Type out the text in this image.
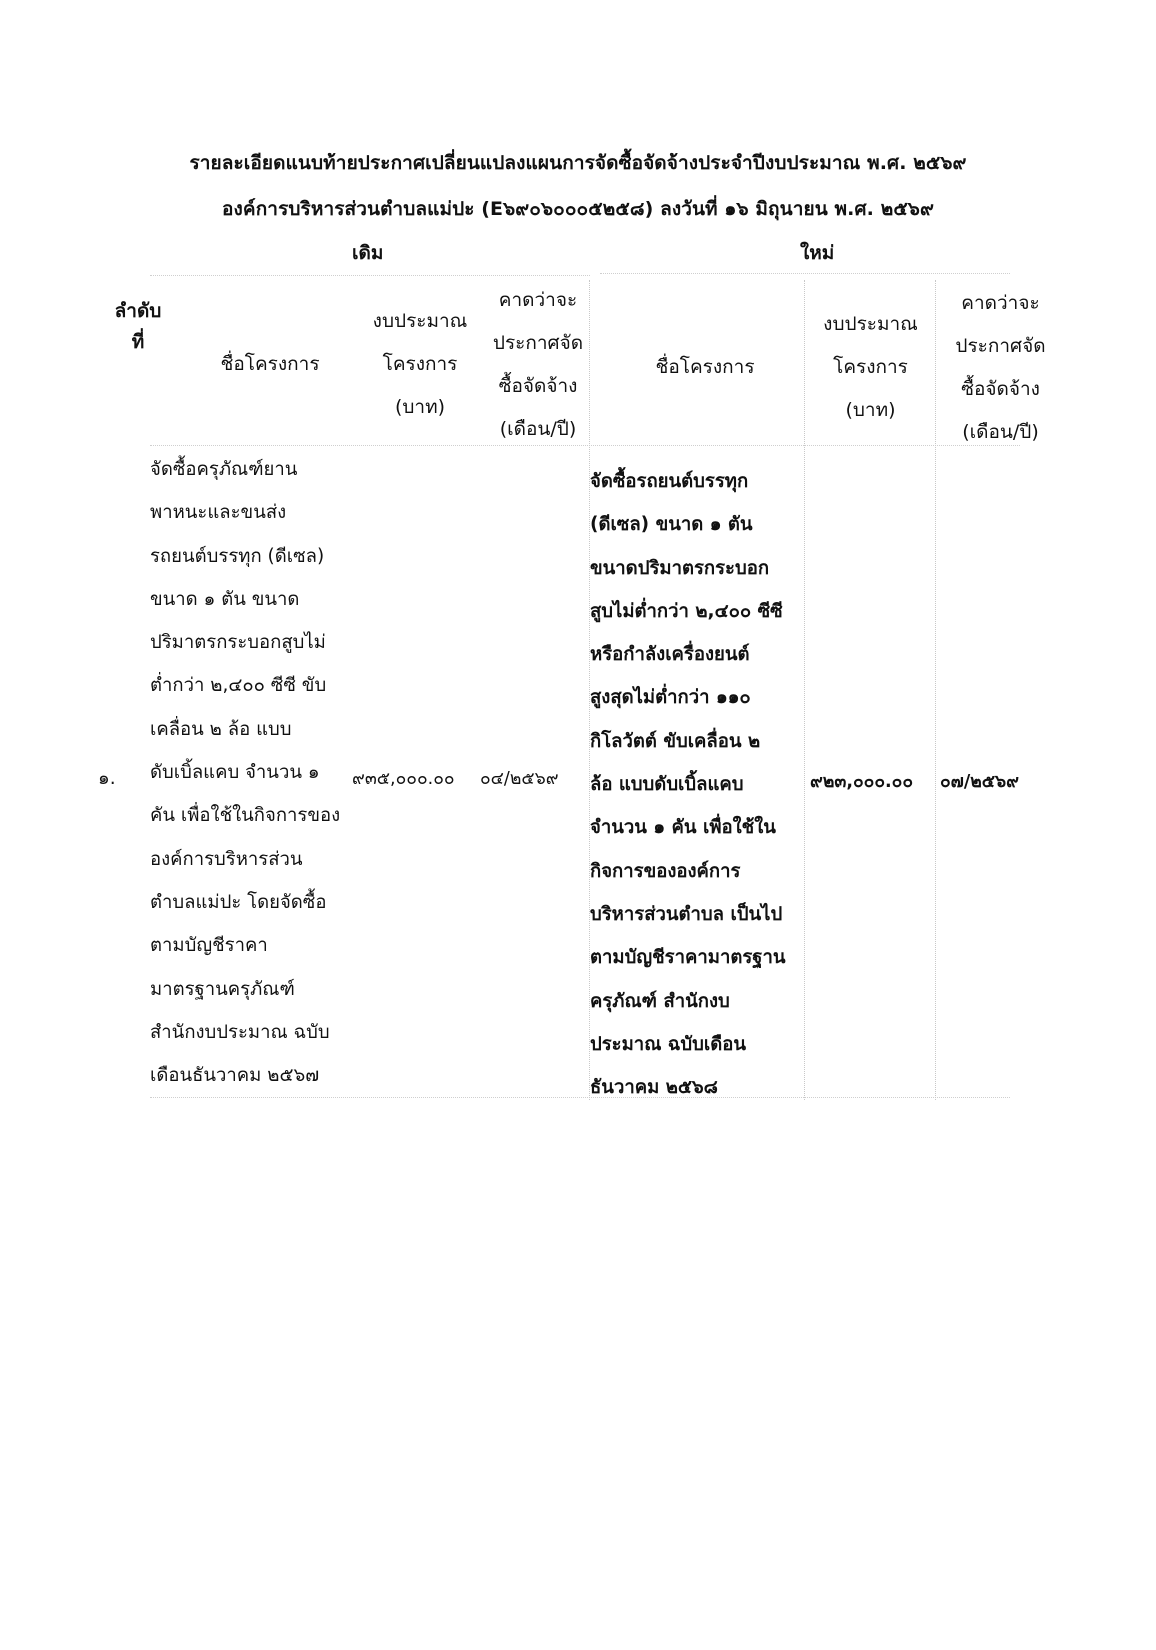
รายละเอียดแนบท้ายประกาศเปลี่ยนแปลงแผนการจัดซื้อจัดจ้างประจำปีงบประมาณ พ.ศ. ๒๕๖๙
องค์การบริหารส่วนตำบลแม่ปะ (E๖๙๐๖๐๐๐๕๒๕๘) ลงวันที่ ๑๖ มิถุนายน พ.ศ. ๒๕๖๙
เดิม	ใหม่
ลำดับ
ที่
ชื่อโครงการ
งบประมาณ
โครงการ
(บาท)
คาดว่าจะ
ประกาศจัด
ซื้อจัดจ้าง
(เดือน/ปี)
ชื่อโครงการ
งบประมาณ
โครงการ
(บาท)
คาดว่าจะ
ประกาศจัด
ซื้อจัดจ้าง
(เดือน/ปี)
๑.
จัดซื้อครุภัณฑ์ยาน
พาหนะและขนส่ง
รถยนต์บรรทุก (ดีเซล)
ขนาด ๑ ตัน ขนาด
ปริมาตรกระบอกสูบไม่
ต่ำกว่า ๒,๔๐๐ ซีซี ขับ
เคลื่อน ๒ ล้อ แบบ
ดับเบิ้ลแคบ จำนวน ๑
คัน เพื่อใช้ในกิจการของ
องค์การบริหารส่วน
ตำบลแม่ปะ โดยจัดซื้อ
ตามบัญชีราคา
มาตรฐานครุภัณฑ์
สำนักงบประมาณ ฉบับ
เดือนธันวาคม ๒๕๖๗
๙๓๕,๐๐๐.๐๐ ๐๔/๒๕๖๙
จัดซื้อรถยนต์บรรทุก
(ดีเซล) ขนาด ๑ ตัน
ขนาดปริมาตรกระบอก
สูบไม่ต่ำกว่า ๒,๔๐๐ ซีซี
หรือกำลังเครื่องยนต์
สูงสุดไม่ต่ำกว่า ๑๑๐
กิโลวัตต์ ขับเคลื่อน ๒
ล้อ แบบดับเบิ้ลแคบ
จำนวน ๑ คัน เพื่อใช้ใน
กิจการขององค์การ
บริหารส่วนตำบล เป็นไป
ตามบัญชีราคามาตรฐาน
ครุภัณฑ์ สำนักงบ
ประมาณ ฉบับเดือน
ธันวาคม ๒๕๖๘
๙๒๓,๐๐๐.๐๐ ๐๗/๒๕๖๙
